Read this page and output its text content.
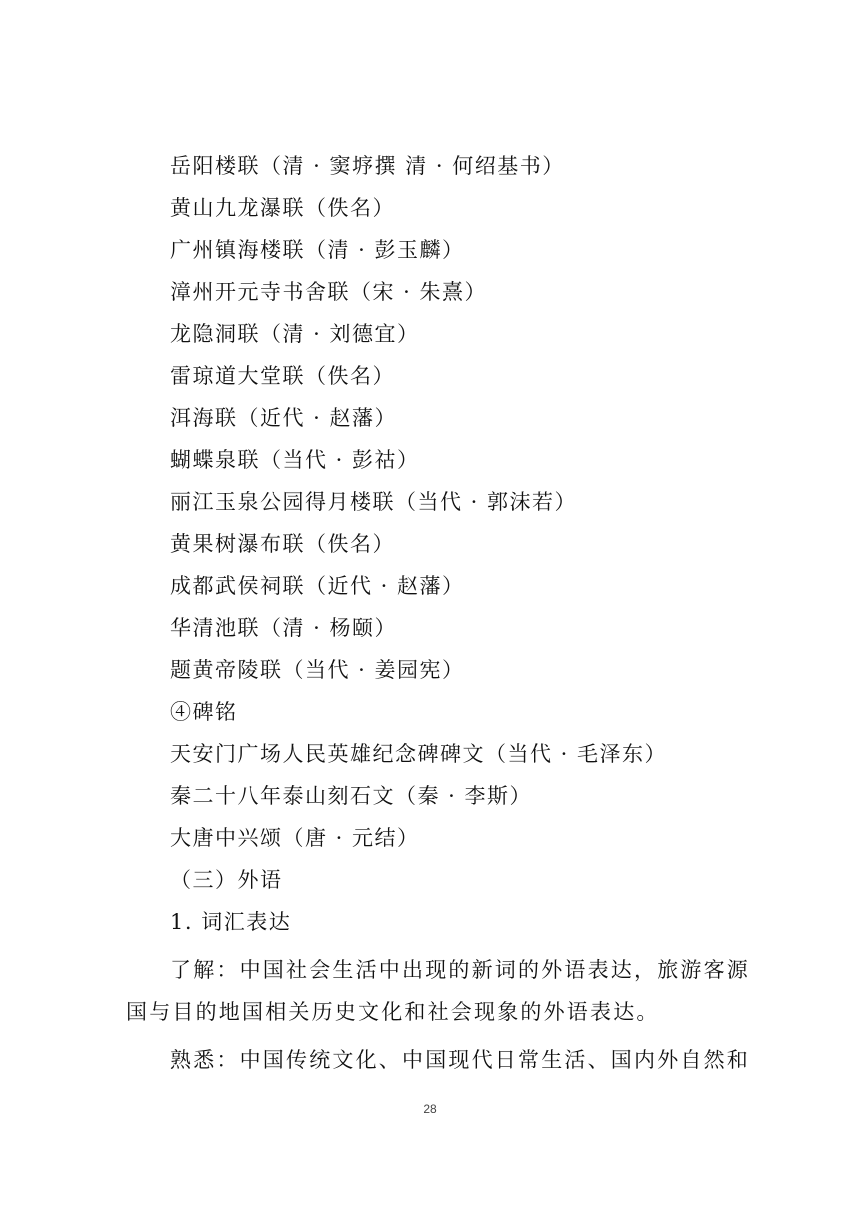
岳阳楼联（清 · 窦垿撰 清 · 何绍基书）
黄山九龙瀑联（佚名）
广州镇海楼联（清 · 彭玉麟）
漳州开元寺书舍联（宋 · 朱熹）
龙隐洞联（清 · 刘德宜）
雷琼道大堂联（佚名）
洱海联（近代 · 赵藩）
蝴蝶泉联（当代 · 彭祜）
丽江玉泉公园得月楼联（当代 · 郭沫若）
黄果树瀑布联（佚名）
成都武侯祠联（近代 · 赵藩）
华清池联（清 · 杨颐）
题黄帝陵联（当代 · 姜园宪）
④碑铭
天安门广场人民英雄纪念碑碑文（当代 · 毛泽东）
秦二十八年泰山刻石文（秦 · 李斯）
大唐中兴颂（唐 · 元结）
（三）外语
1. 词汇表达
了解：中国社会生活中出现的新词的外语表达，旅游客源
国与目的地国相关历史文化和社会现象的外语表达。
熟悉：中国传统文化、中国现代日常生活、国内外自然和
28
